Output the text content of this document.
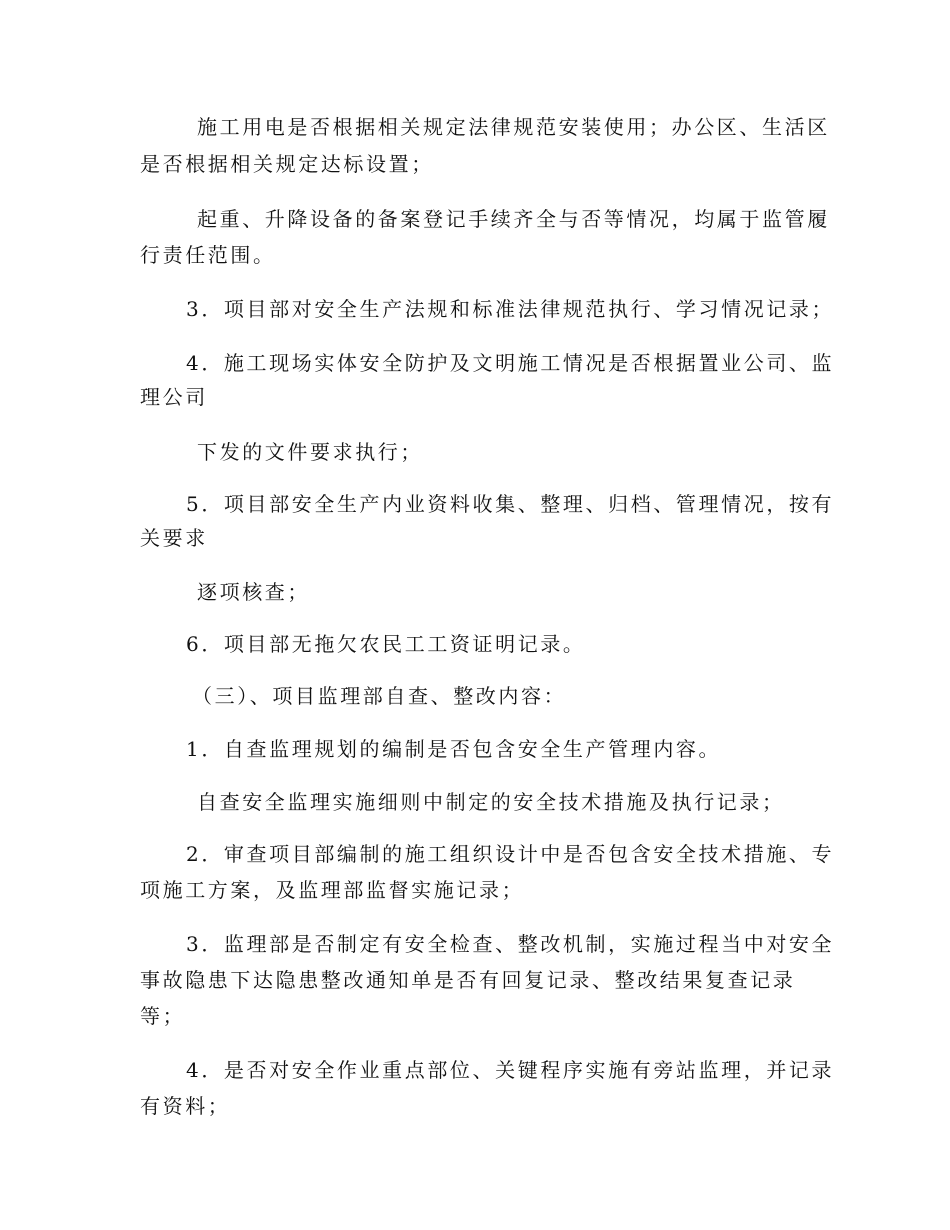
施工用电是否根据相关规定法律规范安装使用；办公区、生活区

是否根据相关规定达标设置；

起重、升降设备的备案登记手续齐全与否等情况，均属于监管履

行责任范围。

3．项目部对安全生产法规和标准法律规范执行、学习情况记录；

4．施工现场实体安全防护及文明施工情况是否根据置业公司、监

理公司

下发的文件要求执行；

5．项目部安全生产内业资料收集、整理、归档、管理情况，按有

关要求

逐项核查；

6．项目部无拖欠农民工工资证明记录。

（三）、项目监理部自查、整改内容：

1．自查监理规划的编制是否包含安全生产管理内容。

自查安全监理实施细则中制定的安全技术措施及执行记录；

2．审查项目部编制的施工组织设计中是否包含安全技术措施、专

项施工方案，及监理部监督实施记录；

3．监理部是否制定有安全检查、整改机制，实施过程当中对安全

事故隐患下达隐患整改通知单是否有回复记录、整改结果复查记录

等；

4．是否对安全作业重点部位、关键程序实施有旁站监理，并记录

有资料；
